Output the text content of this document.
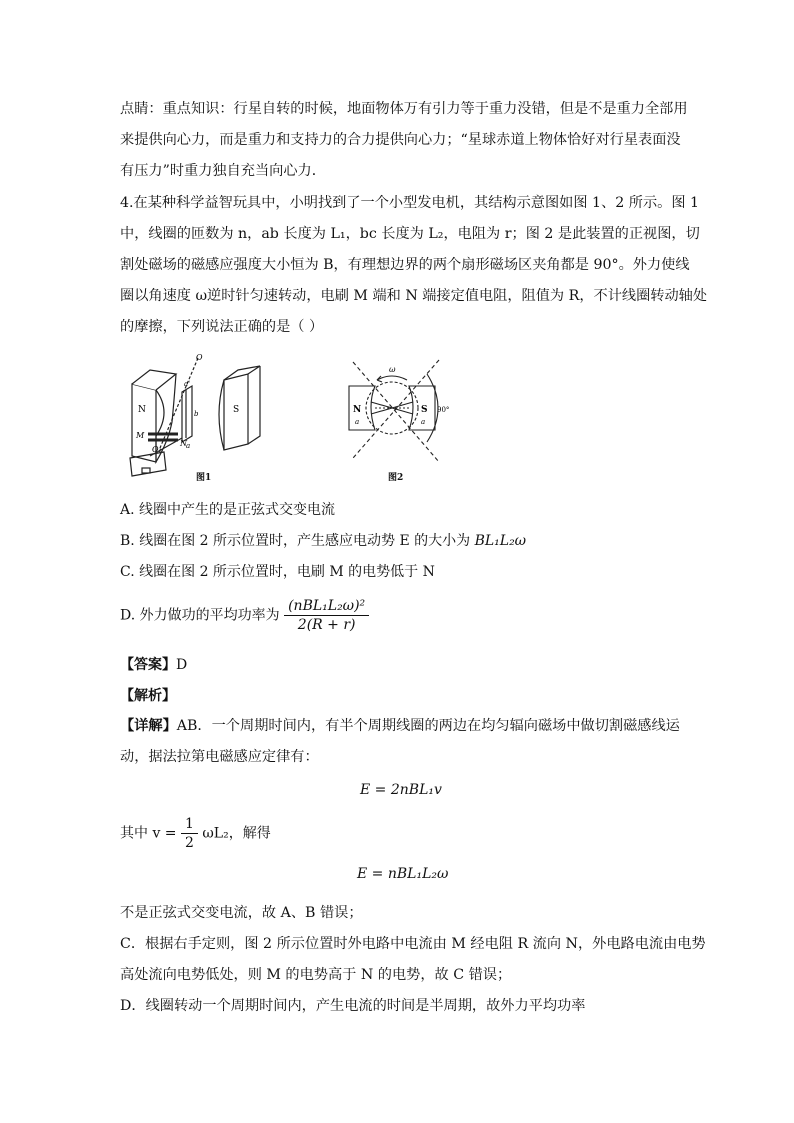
点睛：重点知识：行星自转的时候，地面物体万有引力等于重力没错，但是不是重力全部用
来提供向心力，而是重力和支持力的合力提供向心力；“星球赤道上物体恰好对行星表面没
有压力”时重力独自充当向心力．
4.在某种科学益智玩具中，小明找到了一个小型发电机，其结构示意图如图 1、2 所示。图 1
中，线圈的匝数为 n，ab 长度为 L₁，bc 长度为 L₂，电阻为 r；图 2 是此装置的正视图，切
割处磁场的磁感应强度大小恒为 B，有理想边界的两个扇形磁场区夹角都是 90°。外力使线
圈以角速度 ω逆时针匀速转动，电刷 M 端和 N 端接定值电阻，阻值为 R，不计线圈转动轴处
的摩擦，下列说法正确的是（ ）
N	S
O
O₁
a'
b
a
M
N
图1
N	S
ω
90°
a	a
图2
A. 线圈中产生的是正弦式交变电流
B. 线圈在图 2 所示位置时，产生感应电动势 E 的大小为 BL₁L₂ω
C. 线圈在图 2 所示位置时，电刷 M 的电势低于 N
D. 外力做功的平均功率为 $\frac{\text{(nBL₁L₂ω)²}}{2(R + r)}$
【答案】D
【解析】
【详解】AB．一个周期时间内，有半个周期线圈的两边在均匀辐向磁场中做切割磁感线运
动，据法拉第电磁感应定律有：
E = 2nBL₁v
其中 $v = \frac{1}{2} \omega L_2$，解得
E = nBL₁L₂ω
不是正弦式交变电流，故 A、B 错误；
C．根据右手定则，图 2 所示位置时外电路中电流由 M 经电阻 R 流向 N，外电路电流由电势
高处流向电势低处，则 M 的电势高于 N 的电势，故 C 错误；
D．线圈转动一个周期时间内，产生电流的时间是半周期，故外力平均功率
